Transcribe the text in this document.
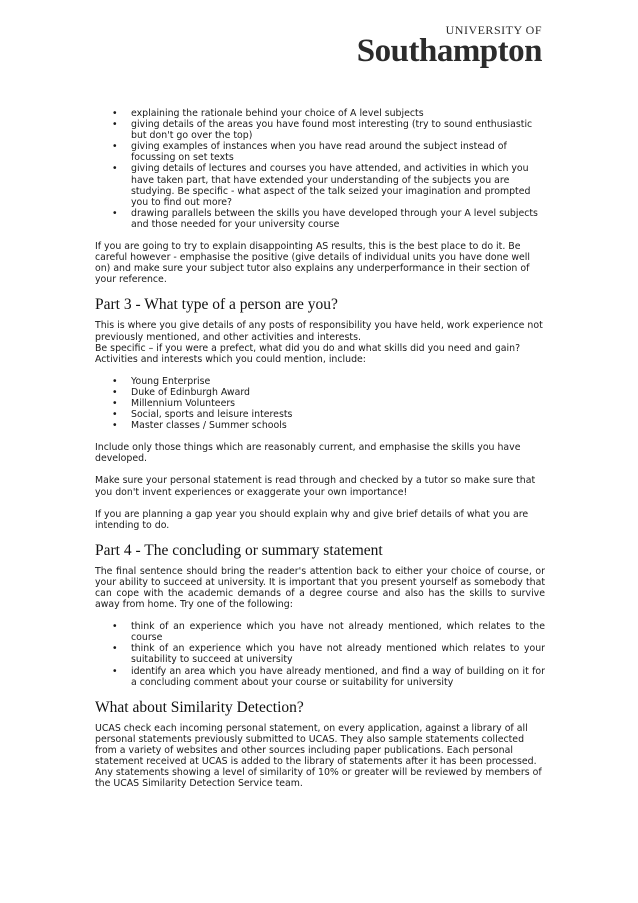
UNIVERSITY OF
Southampton
• explaining the rationale behind your choice of A level subjects
• giving details of the areas you have found most interesting (try to sound enthusiastic but don't go over the top)
• giving examples of instances when you have read around the subject instead of focussing on set texts
• giving details of lectures and courses you have attended, and activities in which you have taken part, that have extended your understanding of the subjects you are studying. Be specific - what aspect of the talk seized your imagination and prompted you to find out more?
• drawing parallels between the skills you have developed through your A level subjects and those needed for your university course

If you are going to try to explain disappointing AS results, this is the best place to do it. Be careful however - emphasise the positive (give details of individual units you have done well on) and make sure your subject tutor also explains any underperformance in their section of your reference.

Part 3 - What type of a person are you?
This is where you give details of any posts of responsibility you have held, work experience not previously mentioned, and other activities and interests.
Be specific – if you were a prefect, what did you do and what skills did you need and gain?

Activities and interests which you could mention, include:

• Young Enterprise
• Duke of Edinburgh Award
• Millennium Volunteers
• Social, sports and leisure interests
• Master classes / Summer schools

Include only those things which are reasonably current, and emphasise the skills you have developed.

Make sure your personal statement is read through and checked by a tutor so make sure that you don't invent experiences or exaggerate your own importance!

If you are planning a gap year you should explain why and give brief details of what you are intending to do.

Part 4 - The concluding or summary statement

The final sentence should bring the reader's attention back to either your choice of course, or your ability to succeed at university. It is important that you present yourself as somebody that can cope with the academic demands of a degree course and also has the skills to survive away from home. Try one of the following:

• think of an experience which you have not already mentioned, which relates to the course
• think of an experience which you have not already mentioned which relates to your suitability to succeed at university
• identify an area which you have already mentioned, and find a way of building on it for a concluding comment about your course or suitability for university
What about Similarity Detection?

UCAS check each incoming personal statement, on every application, against a library of all personal statements previously submitted to UCAS. They also sample statements collected from a variety of websites and other sources including paper publications. Each personal statement received at UCAS is added to the library of statements after it has been processed. Any statements showing a level of similarity of 10% or greater will be reviewed by members of the UCAS Similarity Detection Service team.
